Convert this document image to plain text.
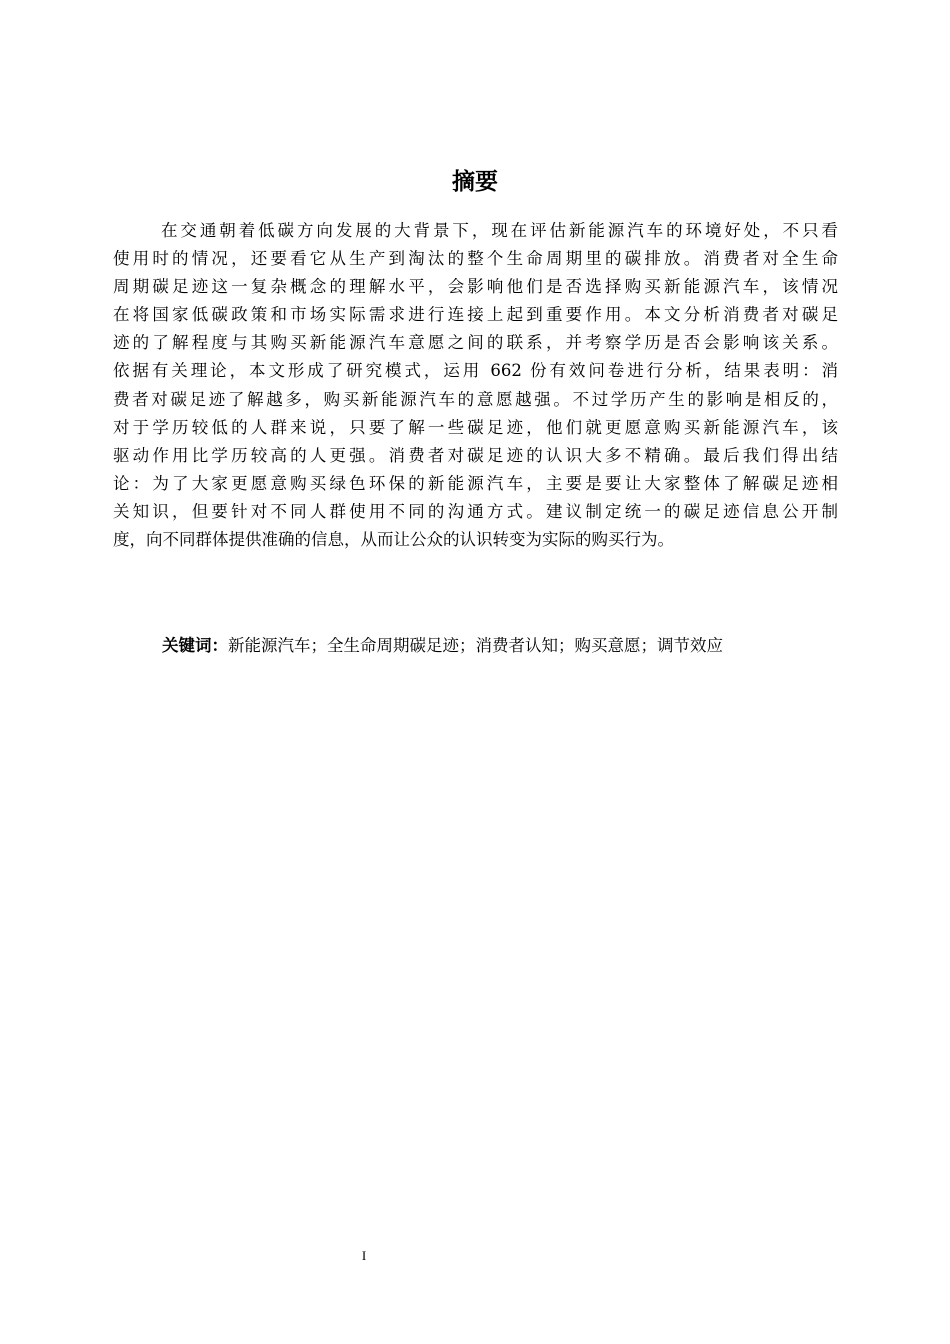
摘要
在交通朝着低碳方向发展的大背景下，现在评估新能源汽车的环境好处，不只看
使用时的情况，还要看它从生产到淘汰的整个生命周期里的碳排放。消费者对全生命
周期碳足迹这一复杂概念的理解水平，会影响他们是否选择购买新能源汽车，该情况
在将国家低碳政策和市场实际需求进行连接上起到重要作用。本文分析消费者对碳足
迹的了解程度与其购买新能源汽车意愿之间的联系，并考察学历是否会影响该关系。
依据有关理论，本文形成了研究模式，运用 662 份有效问卷进行分析，结果表明：消
费者对碳足迹了解越多，购买新能源汽车的意愿越强。不过学历产生的影响是相反的，
对于学历较低的人群来说，只要了解一些碳足迹，他们就更愿意购买新能源汽车，该
驱动作用比学历较高的人更强。消费者对碳足迹的认识大多不精确。最后我们得出结
论：为了大家更愿意购买绿色环保的新能源汽车，主要是要让大家整体了解碳足迹相
关知识，但要针对不同人群使用不同的沟通方式。建议制定统一的碳足迹信息公开制
度，向不同群体提供准确的信息，从而让公众的认识转变为实际的购买行为。
关键词：新能源汽车；全生命周期碳足迹；消费者认知；购买意愿；调节效应
I
